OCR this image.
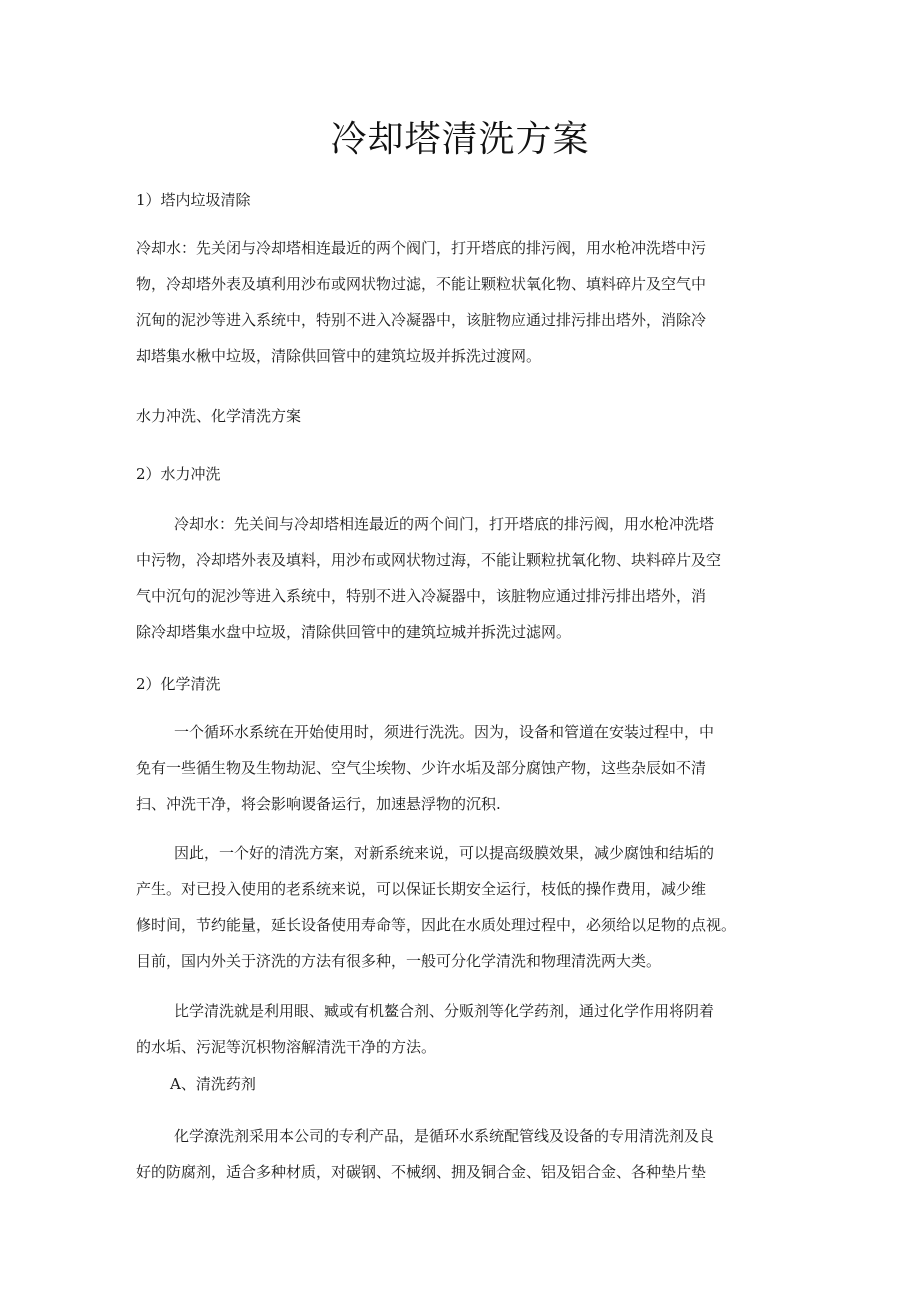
冷却塔清洗方案
1）塔内垃圾清除
冷却水：先关闭与冷却塔相连最近的两个阀门，打开塔底的排污阀，用水枪冲洗塔中污
物，冷却塔外表及填利用沙布或网状物过滤，不能让颗粒状氧化物、填料碎片及空气中
沉甸的泥沙等进入系统中，特别不进入冷凝器中，该脏物应通过排污排出塔外，消除冷
却塔集水楸中垃圾，清除供回管中的建筑垃圾并拆洗过渡网。
水力冲洗、化学清洗方案
2）水力冲洗
冷却水：先关间与冷却塔相连最近的两个间门，打开塔底的排污阀，用水枪冲洗塔
中污物，冷却塔外表及填料，用沙布或网状物过海，不能让颗粒扰氧化物、块料碎片及空
气中沉句的泥沙等进入系统中，特别不进入冷凝器中，该脏物应通过排污排出塔外，消
除冷却塔集水盘中垃圾，清除供回管中的建筑垃城并拆洗过滤网。
2）化学清洗
一个循环水系统在开始使用时，须进行洗洗。因为，设备和管道在安装过程中，中
免有一些循生物及生物劫泥、空气尘埃物、少许水垢及部分腐蚀产物，这些杂辰如不清
扫、冲洗干净，将会影响谡备运行，加速悬浮物的沉积.
因此，一个好的清洗方案，对新系统来说，可以提高级膜效果，减少腐蚀和结垢的
产生。对已投入使用的老系统来说，可以保证长期安全运行，枝低的操作费用，减少维
修时间，节约能量，延长设备使用寿命等，因此在水质处理过程中，必须给以足物的点视。
目前，国内外关于济洗的方法有很多种，一般可分化学清洗和物理清洗两大类。
比学清洗就是利用眼、臧或有机鳌合剂、分贩剂等化学药剂，通过化学作用将阴着
的水垢、污泥等沉枳物溶解清洗干净的方法。
A、清洗药剂
化学潦洗剂采用本公司的专利产品，是循环水系统配管线及设备的专用清洗剂及良
好的防腐剂，适合多种材质，对碳钢、不械纲、拥及铜合金、铝及铝合金、各种垫片垫
